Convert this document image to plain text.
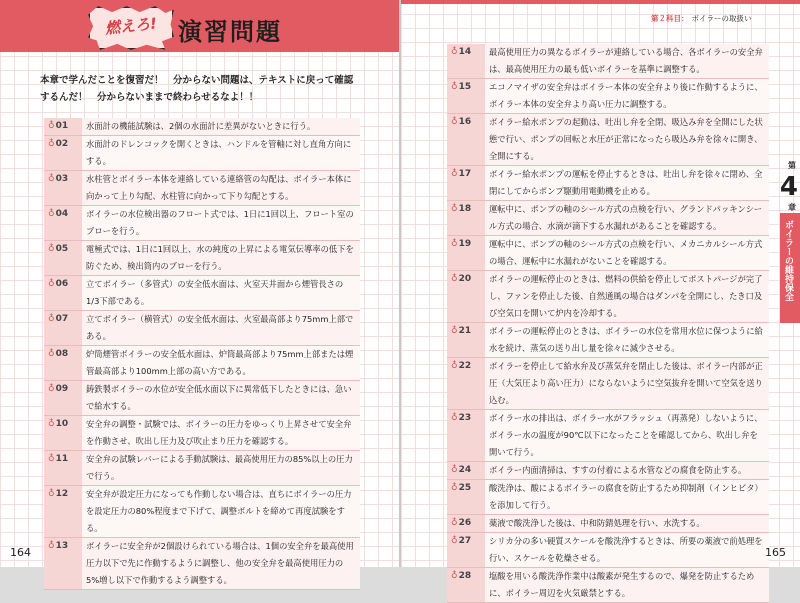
燃えろ! 演習問題
本章で学んだことを復習だ！　分からない問題は、テキストに戻って確認するんだ！　分からないままで終わらせるなよ！！
♁01	水面計の機能試験は、2個の水面計に差異がないときに行う。
♁02	水面計のドレンコックを開くときは、ハンドルを管軸に対し直角方向にする。
♁03	水柱管とボイラー本体を連絡している連絡管の勾配は、ボイラー本体に向かって上り勾配、水柱管に向かって下り勾配とする。
♁04	ボイラーの水位検出器のフロート式では、1日に1回以上、フロート室のブローを行う。
♁05	電極式では、1日に1回以上、水の純度の上昇による電気伝導率の低下を防ぐため、検出筒内のブローを行う。
♁06	立てボイラー（多管式）の安全低水面は、火室天井面から煙管長さの1/3下部である。
♁07	立てボイラー（横管式）の安全低水面は、火室最高部より75mm上部である。
♁08	炉筒煙管ボイラーの安全低水面は、炉筒最高部より75mm上部または煙管最高部より100mm上部の高い方である。
♁09	鋳鉄製ボイラーの水位が安全低水面以下に異常低下したときには、急いで給水する。
♁10	安全弁の調整・試験では、ボイラーの圧力をゆっくり上昇させて安全弁を作動させ、吹出し圧力及び吹止まり圧力を確認する。
♁11	安全弁の試験レバーによる手動試験は、最高使用圧力の85%以上の圧力で行う。
♁12	安全弁が設定圧力になっても作動しない場合は、直ちにボイラーの圧力を設定圧力の80%程度まで下げて、調整ボルトを締めて再度試験をする。
♁13	ボイラーに安全弁が2個設けられている場合は、1個の安全弁を最高使用圧力以下で先に作動するように調整し、他の安全弁を最高使用圧力の5%増し以下で作動するよう調整する。
164
第２科目： ボイラーの取扱い
♁14	最高使用圧力の異なるボイラーが連絡している場合、各ボイラーの安全弁は、最高使用圧力の最も低いボイラーを基準に調整する。
♁15	エコノマイザの安全弁はボイラー本体の安全弁より後に作動するように、ボイラー本体の安全弁より高い圧力に調整する。
♁16	ボイラー給水ポンプの起動は、吐出し弁を全閉、吸込み弁を全開にした状態で行い、ポンプの回転と水圧が正常になったら吸込み弁を徐々に開き、全開にする。
♁17	ボイラー給水ポンプの運転を停止するときは、吐出し弁を徐々に閉め、全閉にしてからポンプ駆動用電動機を止める。
♁18	運転中に、ポンプの軸のシール方式の点検を行い、グランドパッキンシール方式の場合、水滴が滴下する水漏れがあることを確認する。
♁19	運転中に、ポンプの軸のシール方式の点検を行い、メカニカルシール方式の場合、運転中に水漏れがないことを確認する。
♁20	ボイラーの運転停止のときは、燃料の供給を停止してポストパージが完了し、ファンを停止した後、自然通風の場合はダンパを全開にし、たき口及び空気口を開いて炉内を冷却する。
♁21	ボイラーの運転停止のときは、ボイラーの水位を常用水位に保つように給水を続け、蒸気の送り出し量を徐々に減少させる。
♁22	ボイラーを停止して給水弁及び蒸気弁を閉止した後は、ボイラー内部が正圧（大気圧より高い圧力）にならないように空気抜弁を開いて空気を送り込む。
♁23	ボイラー水の排出は、ボイラー水がフラッシュ（再蒸発）しないように、ボイラー水の温度が90℃以下になったことを確認してから、吹出し弁を開いて行う。
♁24	ボイラー内面清掃は、すすの付着による水管などの腐食を防止する。
♁25	酸洗浄は、酸によるボイラーの腐食を防止するため抑制剤（インヒビタ）を添加して行う。
♁26	薬液で酸洗浄した後は、中和防錆処理を行い、水洗する。
♁27	シリカ分の多い硬質スケールを酸洗浄するときは、所要の薬液で前処理を行い、スケールを乾燥させる。
♁28	塩酸を用いる酸洗浄作業中は酸素が発生するので、爆発を防止するために、ボイラー周辺を火気厳禁とする。
第
4
章
ボイラーの維持保全
165
